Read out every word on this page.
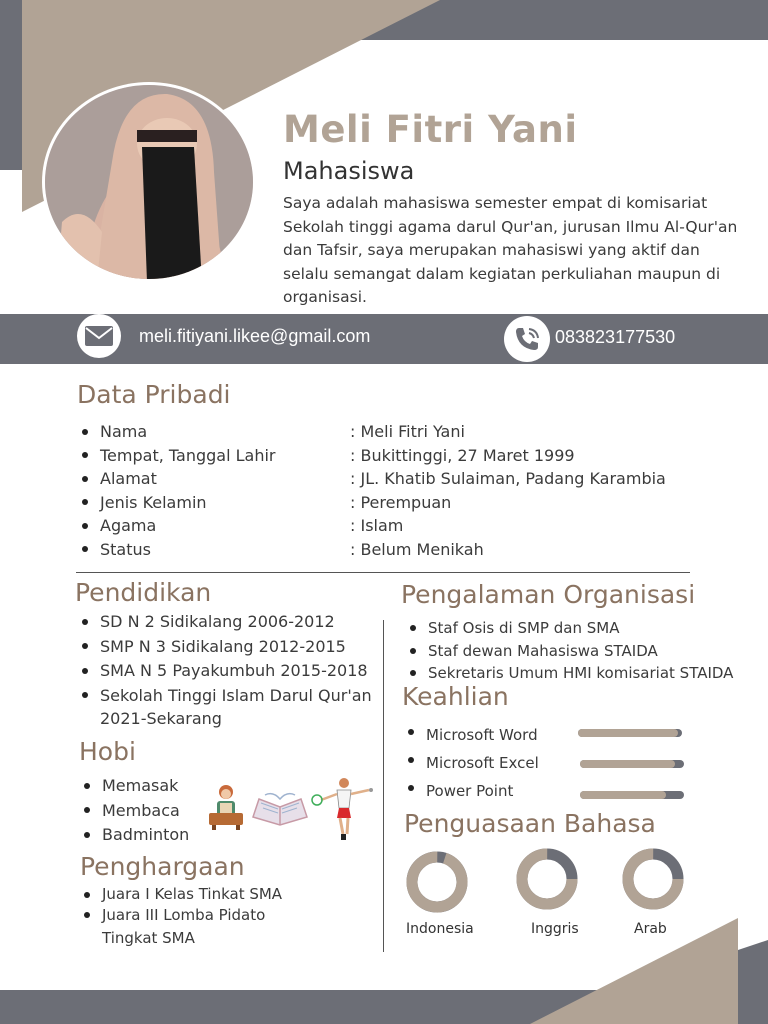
Meli Fitri Yani
Mahasiswa
Saya adalah mahasiswa semester empat di komisariat Sekolah tinggi agama darul Qur'an, jurusan Ilmu Al-Qur'an dan Tafsir, saya merupakan mahasiswi yang aktif dan selalu semangat dalam kegiatan perkuliahan maupun di organisasi.
meli.fitiyani.likee@gmail.com	083823177530
Data Pribadi
Nama	: Meli Fitri Yani
Tempat, Tanggal Lahir	: Bukittinggi, 27 Maret 1999
Alamat	: JL. Khatib Sulaiman, Padang Karambia
Jenis Kelamin	: Perempuan
Agama	: Islam
Status	: Belum Menikah
Pendidikan
SD N 2 Sidikalang 2006-2012
SMP N 3 Sidikalang 2012-2015
SMA N 5 Payakumbuh 2015-2018
Sekolah Tinggi Islam Darul Qur'an 2021-Sekarang
Hobi
Memasak
Membaca
Badminton
Penghargaan
Juara I Kelas Tinkat SMA
Juara III Lomba Pidato Tingkat SMA
Pengalaman Organisasi
Staf Osis di SMP dan SMA
Staf dewan Mahasiswa STAIDA
Sekretaris Umum HMI komisariat STAIDA
Keahlian
Microsoft Word
Microsoft Excel
Power Point
Penguasaan Bahasa
Indonesia	Inggris	Arab
